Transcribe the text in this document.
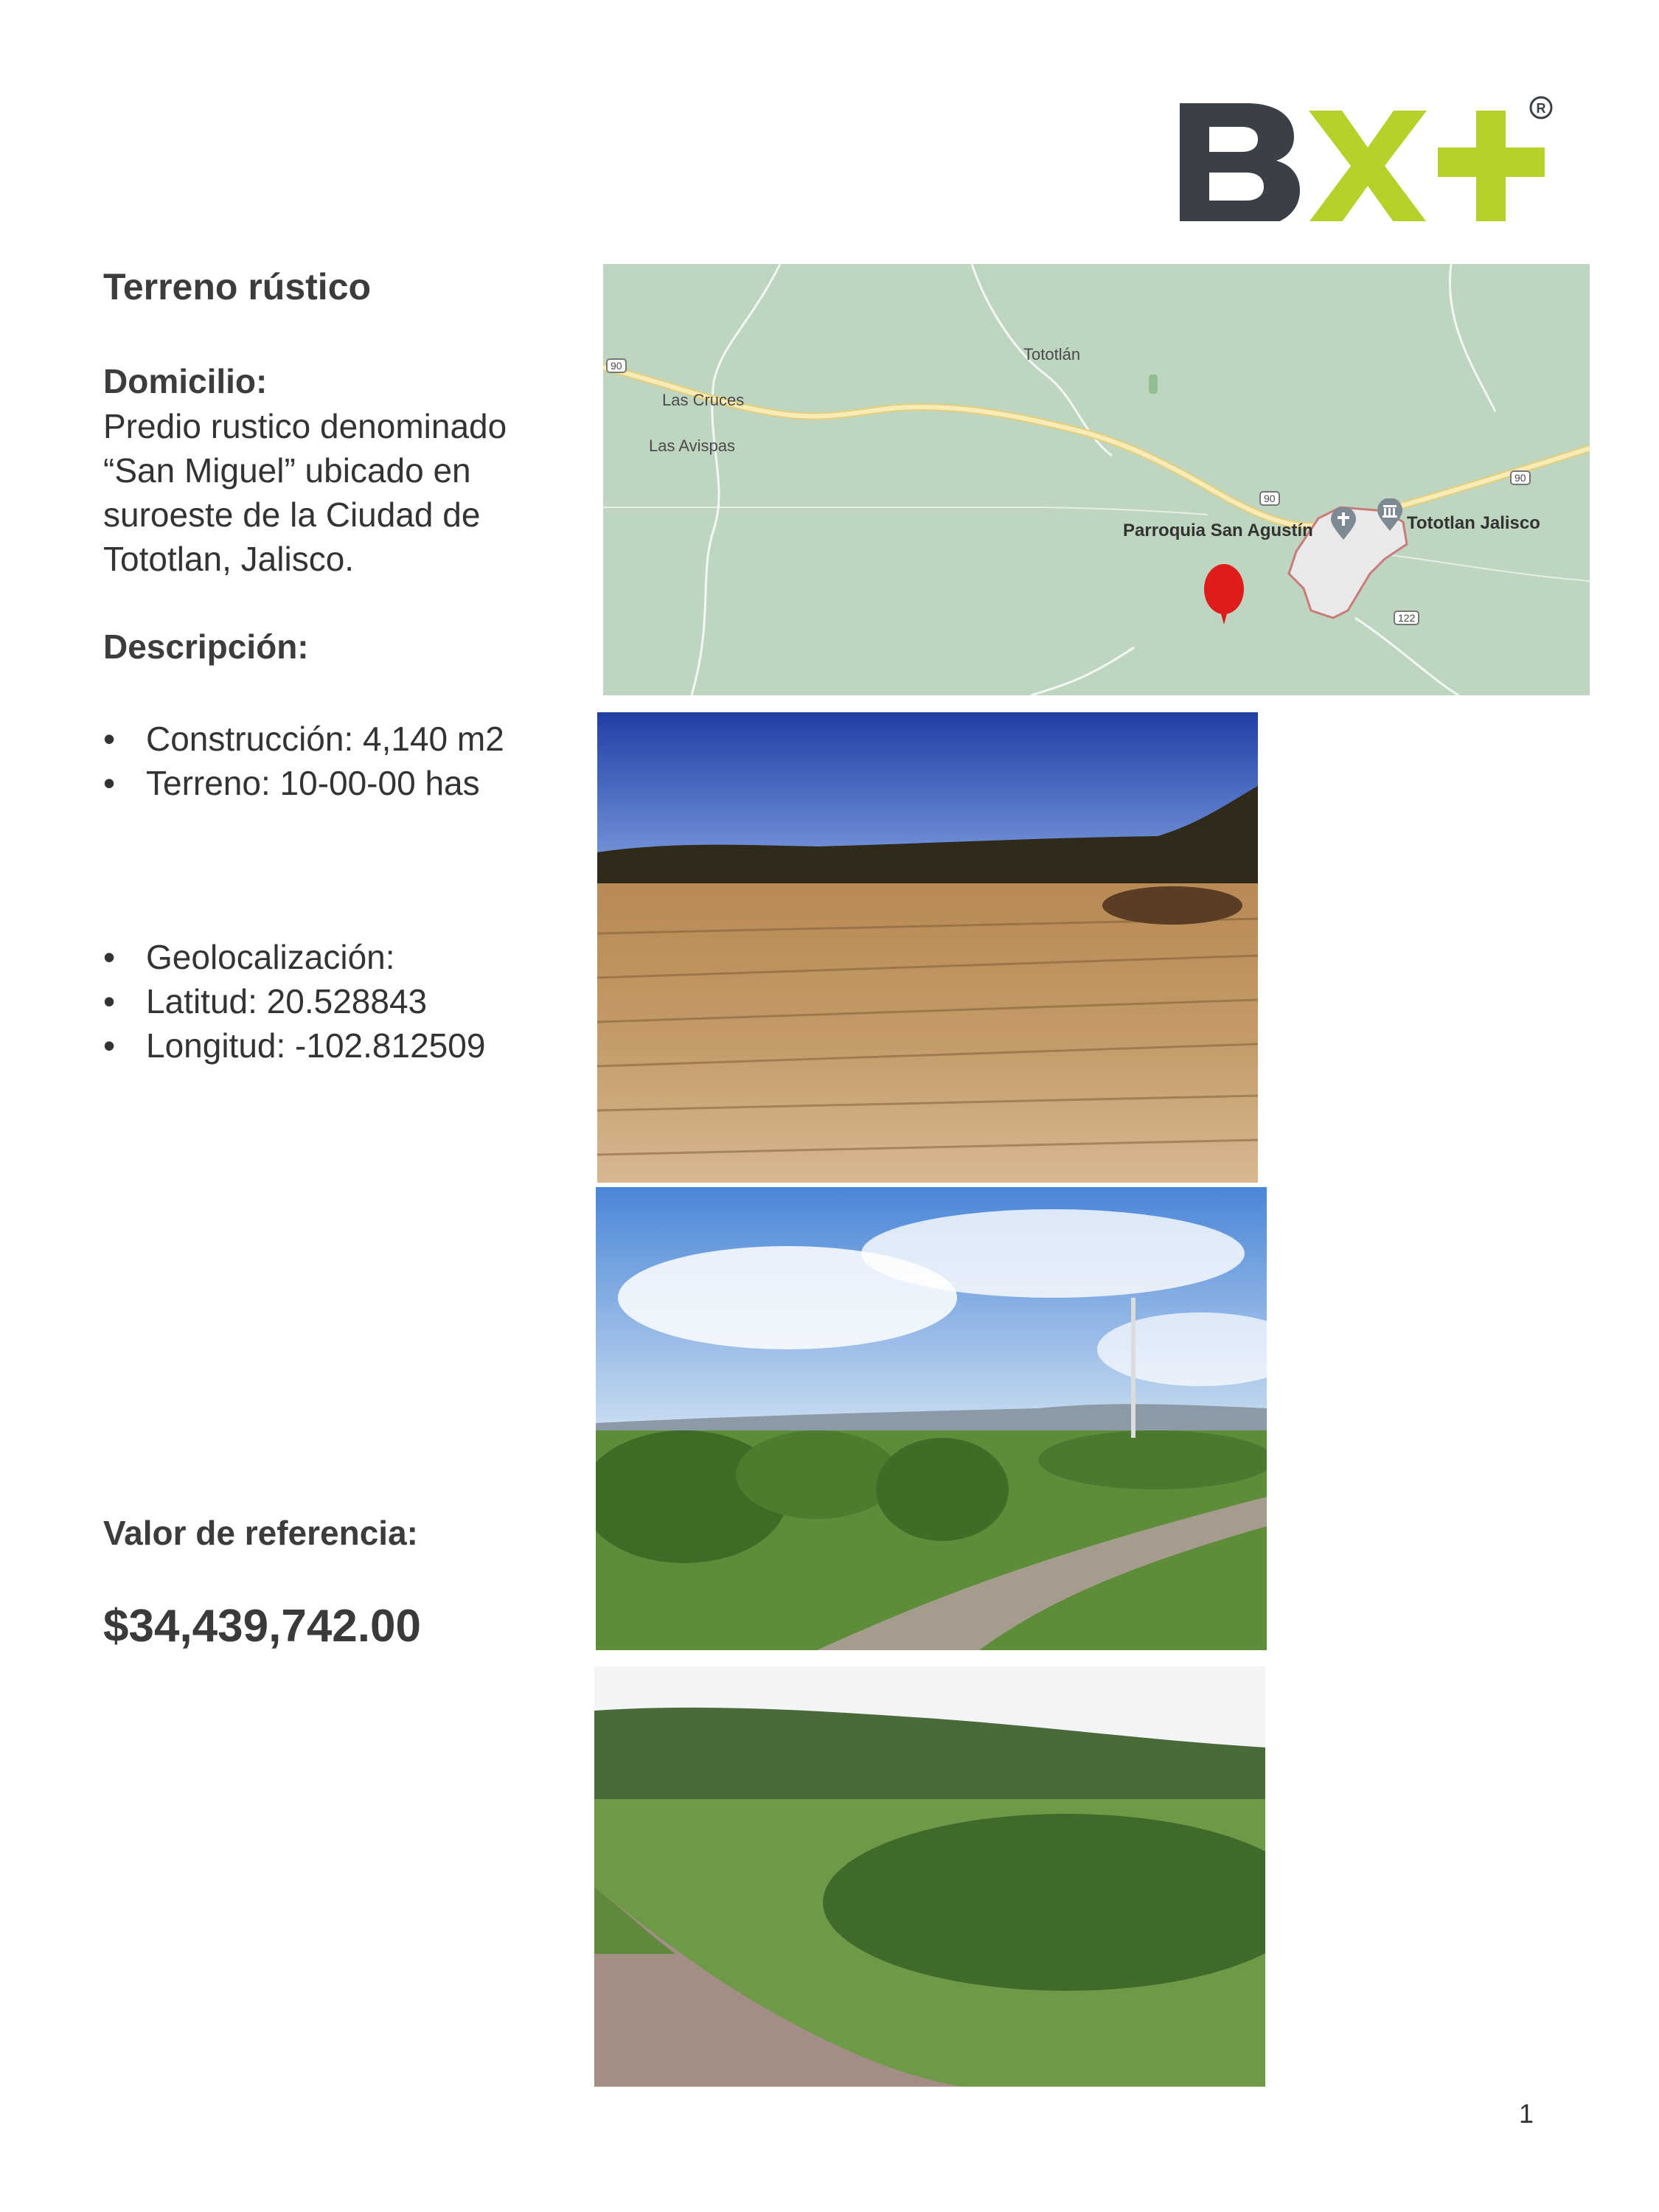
R
Terreno rústico
Domicilio:
Predio rustico denominado
“San Miguel” ubicado en
suroeste de la Ciudad de
Tototlan, Jalisco.
Descripción:
• Construcción: 4,140 m2
• Terreno: 10-00-00 has
• Geolocalización:
• Latitud: 20.528843
• Longitud: -102.812509
Valor de referencia:
$34,439,742.00
Tototlán
Las Cruces
Las Avispas
Parroquia San Agustín	Tototlan Jalisco
90
90
90
122
1
